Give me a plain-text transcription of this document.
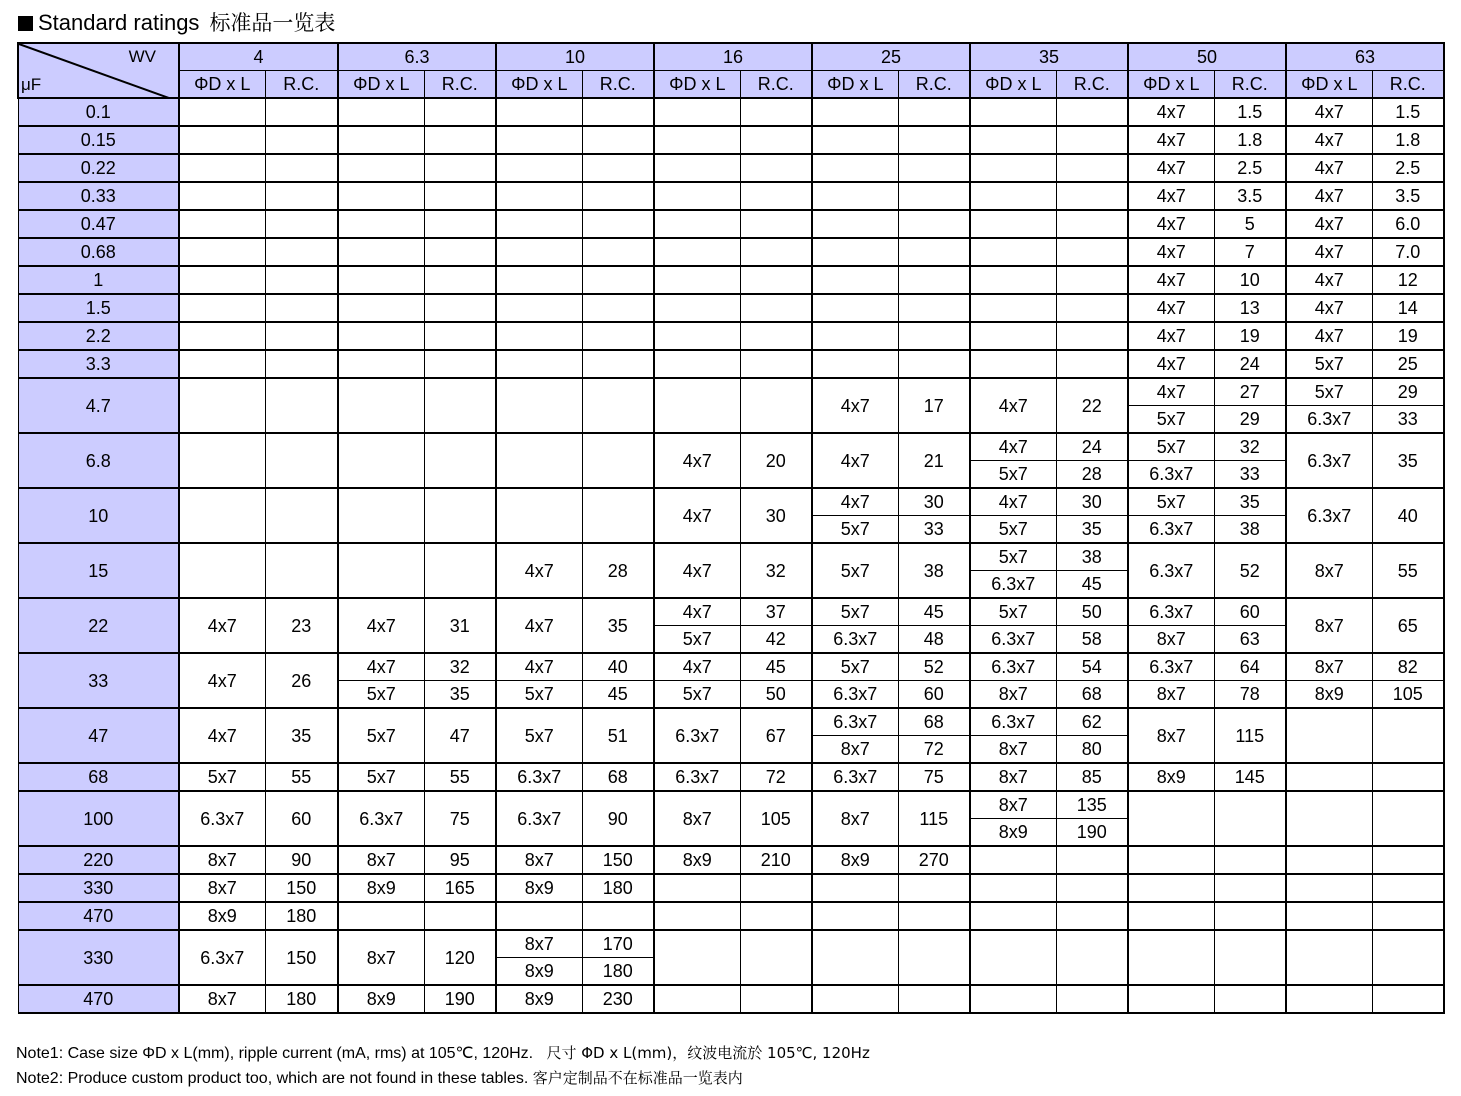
Standard ratings 标准品一览表
WV
μF	4		6.3		10		16		25		35		50		63	
	ΦD x L	R.C.	ΦD x L	R.C.	ΦD x L	R.C.	ΦD x L	R.C.	ΦD x L	R.C.	ΦD x L	R.C.	ΦD x L	R.C.	ΦD x L	R.C.
0.1													4x7	1.5	4x7	1.5
0.15													4x7	1.8	4x7	1.8
0.22													4x7	2.5	4x7	2.5
0.33													4x7	3.5	4x7	3.5
0.47													4x7	5	4x7	6.0
0.68													4x7	7	4x7	7.0
1													4x7	10	4x7	12
1.5													4x7	13	4x7	14
2.2													4x7	19	4x7	19
3.3													4x7	24	5x7	25
4.7									4x7	17	4x7	22	4x7	27	5x7	29
													5x7	29	6.3x7	33
6.8							4x7	20	4x7	21	4x7	24	5x7	32	6.3x7	35
											5x7	28	6.3x7	33		
10							4x7	30	4x7	30	4x7	30	5x7	35	6.3x7	40
									5x7	33	5x7	35	6.3x7	38		
15					4x7	28	4x7	32	5x7	38	5x7	38	6.3x7	52	8x7	55
											6.3x7	45				
22	4x7	23	4x7	31	4x7	35	4x7	37	5x7	45	5x7	50	6.3x7	60	8x7	65
							5x7	42	6.3x7	48	6.3x7	58	8x7	63		
33	4x7	26	4x7	32	4x7	40	4x7	45	5x7	52	6.3x7	54	6.3x7	64	8x7	82
			5x7	35	5x7	45	5x7	50	6.3x7	60	8x7	68	8x7	78	8x9	105
47	4x7	35	5x7	47	5x7	51	6.3x7	67	6.3x7	68	6.3x7	62	8x7	115		
									8x7	72	8x7	80				
68	5x7	55	5x7	55	6.3x7	68	6.3x7	72	6.3x7	75	8x7	85	8x9	145		
100	6.3x7	60	6.3x7	75	6.3x7	90	8x7	105	8x7	115	8x7	135				
											8x9	190				
220	8x7	90	8x7	95	8x7	150	8x9	210	8x9	270						
330	8x7	150	8x9	165	8x9	180										
470	8x9	180														
330	6.3x7	150	8x7	120	8x7	170										
					8x9	180										
470	8x7	180	8x9	190	8x9	230										
Note1: Case size ΦD x L(mm), ripple current (mA, rms) at 105℃, 120Hz. 尺寸 ΦD x L(mm)，纹波电流於 105℃, 120Hz
Note2: Produce custom product too, which are not found in these tables. 客户定制品不在标准品一览表内
